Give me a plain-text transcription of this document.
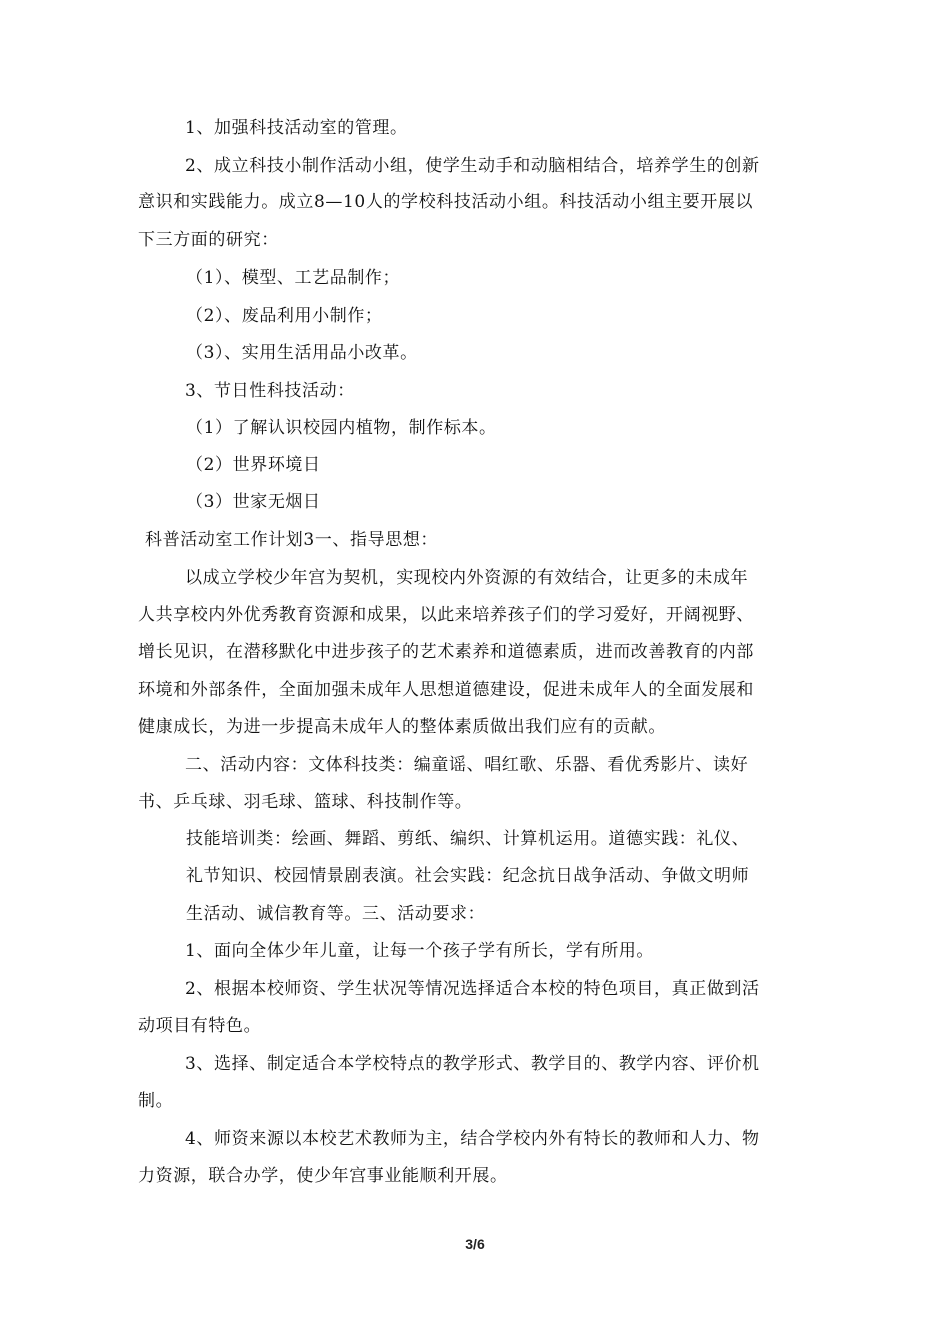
1、加强科技活动室的管理。
2、成立科技小制作活动小组，使学生动手和动脑相结合，培养学生的创新
意识和实践能力。成立8—10人的学校科技活动小组。科技活动小组主要开展以
下三方面的研究：
（1）、模型、工艺品制作；
（2）、废品利用小制作；
（3）、实用生活用品小改革。
3、节日性科技活动：
（1）了解认识校园内植物，制作标本。
（2）世界环境日
（3）世家无烟日
科普活动室工作计划3一、指导思想：
以成立学校少年宫为契机，实现校内外资源的有效结合，让更多的未成年
人共享校内外优秀教育资源和成果，以此来培养孩子们的学习爱好，开阔视野、
增长见识，在潜移默化中进步孩子的艺术素养和道德素质，进而改善教育的内部
环境和外部条件，全面加强未成年人思想道德建设，促进未成年人的全面发展和
健康成长，为进一步提高未成年人的整体素质做出我们应有的贡献。
二、活动内容：文体科技类：编童谣、唱红歌、乐器、看优秀影片、读好
书、乒乓球、羽毛球、篮球、科技制作等。
技能培训类：绘画、舞蹈、剪纸、编织、计算机运用。道德实践：礼仪、
礼节知识、校园情景剧表演。社会实践：纪念抗日战争活动、争做文明师
生活动、诚信教育等。三、活动要求：
1、面向全体少年儿童，让每一个孩子学有所长，学有所用。
2、根据本校师资、学生状况等情况选择适合本校的特色项目，真正做到活
动项目有特色。
3、选择、制定适合本学校特点的教学形式、教学目的、教学内容、评价机
制。
4、师资来源以本校艺术教师为主，结合学校内外有特长的教师和人力、物
力资源，联合办学，使少年宫事业能顺利开展。
3/6
